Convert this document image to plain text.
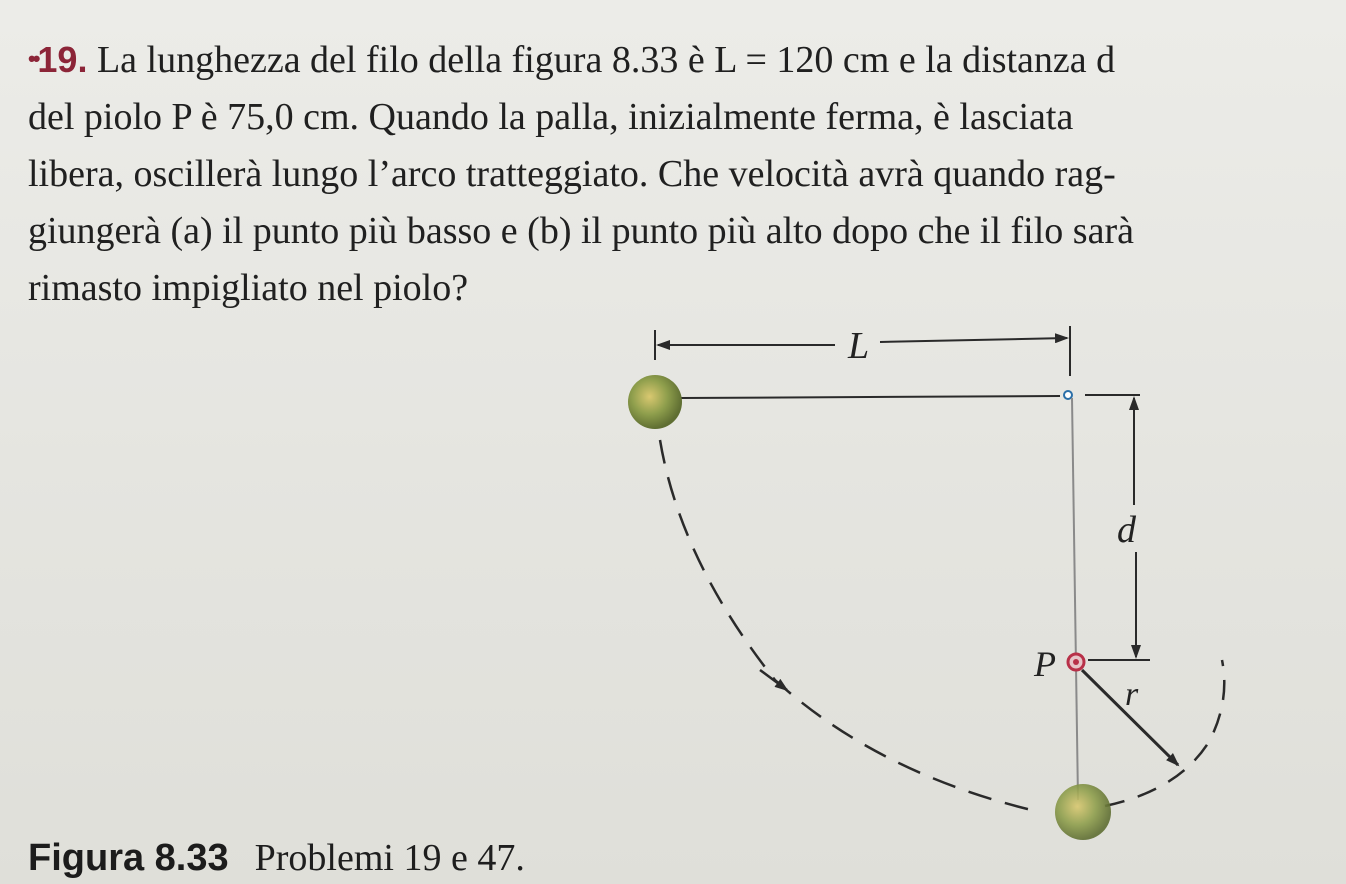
••19. La lunghezza del filo della figura 8.33 è L = 120 cm e la distanza d

del piolo P è 75,0 cm. Quando la palla, inizialmente ferma, è lasciata

libera, oscillerà lungo l’arco tratteggiato. Che velocità avrà quando rag-

giungerà (a) il punto più basso e (b) il punto più alto dopo che il filo sarà

rimasto impigliato nel piolo?

L
d
P
r
Figura 8.33 Problemi 19 e 47.
